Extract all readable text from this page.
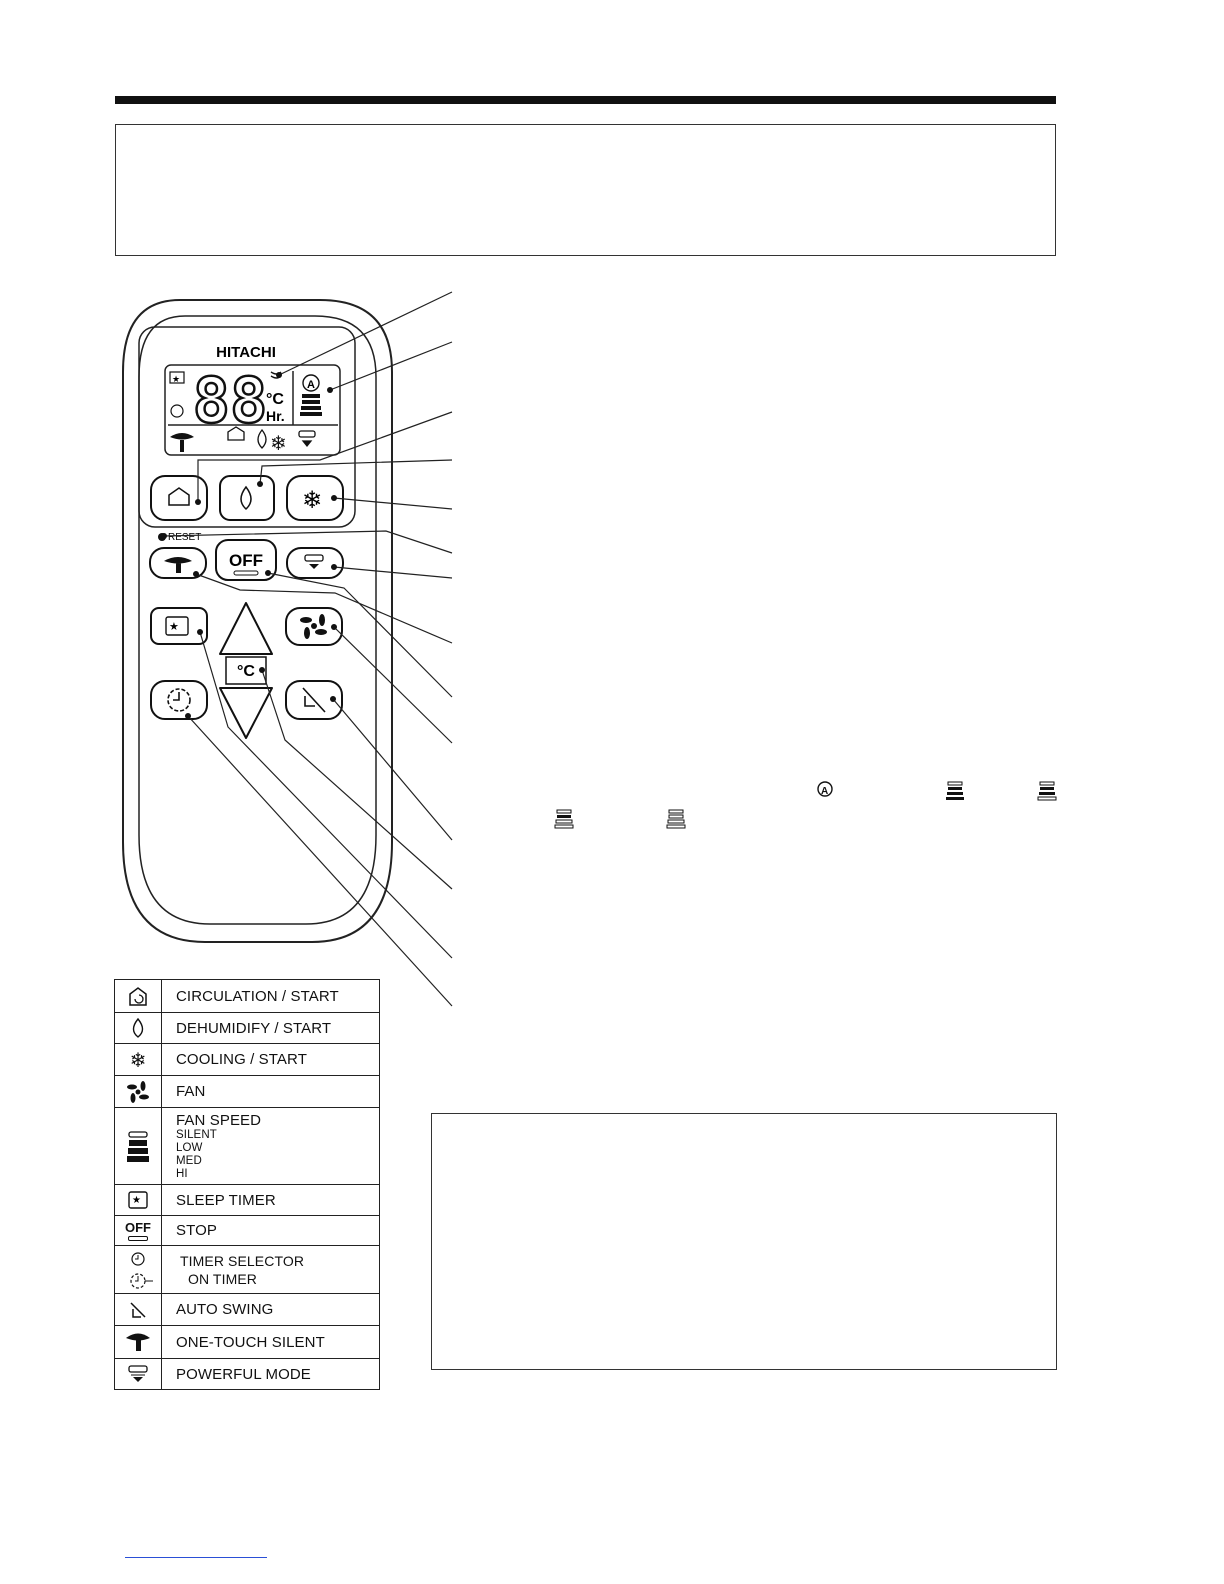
HITACHI
88
°C
Hr.
★	A
❄
❄
RESET
OFF
★
°C
A
	CIRCULATION / START

	DEHUMIDIFY / START
❄	COOLING / START

	FAN

FAN SPEED
SILENT
LOW
MED
HI

★	SLEEP TIMER

OFF	STOP

TIMER SELECTOR
ON TIMER

	AUTO SWING

	ONE-TOUCH SILENT

	POWERFUL MODE
